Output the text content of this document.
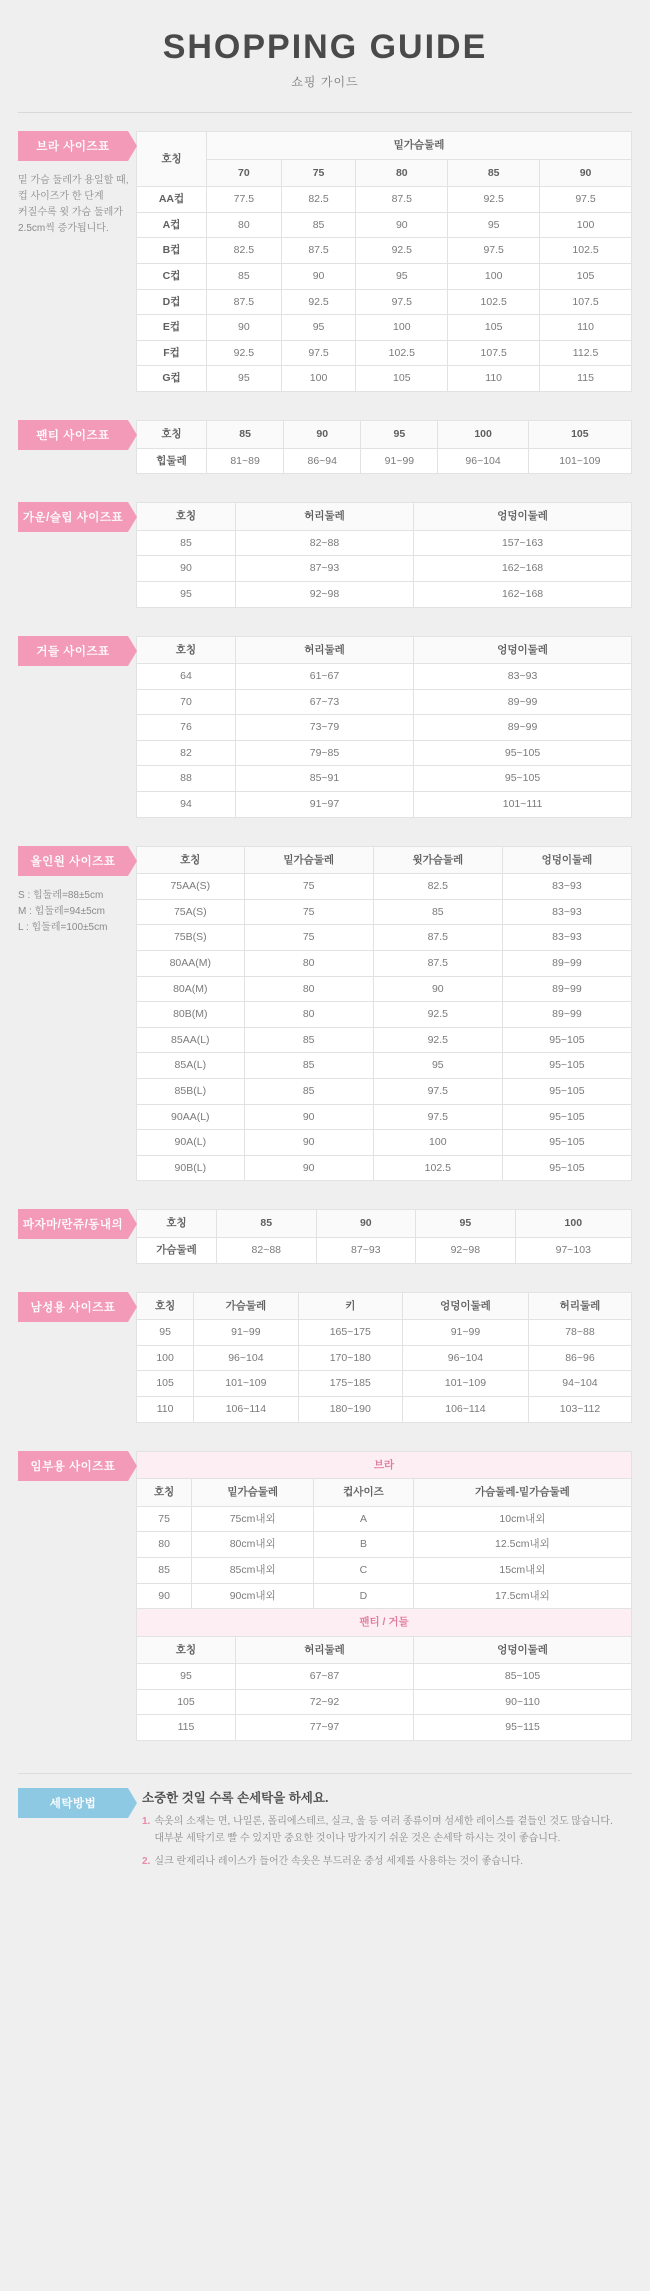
SHOPPING GUIDE
쇼핑 가이드
브라 사이즈표
밑 가슴 둘레가 용일할 때,
컵 사이즈가 한 단계
커질수록 윗 가슴 둘레가
2.5cm씩 증가됩니다.
호칭	밑가슴둘레				
	70	75	80	85	90
AA컵	77.5	82.5	87.5	92.5	97.5
A컵	80	85	90	95	100
B컵	82.5	87.5	92.5	97.5	102.5
C컵	85	90	95	100	105
D컵	87.5	92.5	97.5	102.5	107.5
E컵	90	95	100	105	110
F컵	92.5	97.5	102.5	107.5	112.5
G컵	95	100	105	110	115
팬티 사이즈표	호칭	85	90	95	100	105
힙둘레	81~89	86~94	91~99	96~104	101~109
가운/슬립 사이즈표	호칭	허리둘레	엉덩이둘레
85	82~88	157~163
90	87~93	162~168
95	92~98	162~168
거들 사이즈표	호칭	허리둘레	엉덩이둘레
64	61~67	83~93
70	67~73	89~99
76	73~79	89~99
82	79~85	95~105
88	85~91	95~105
94	91~97	101~111
올인원 사이즈표
S : 힙둘레=88±5cm
M : 힙둘레=94±5cm
L : 힙둘레=100±5cm
호칭	밑가슴둘레	윗가슴둘레	엉덩이둘레
75AA(S)	75	82.5	83~93
75A(S)	75	85	83~93
75B(S)	75	87.5	83~93
80AA(M)	80	87.5	89~99
80A(M)	80	90	89~99
80B(M)	80	92.5	89~99
85AA(L)	85	92.5	95~105
85A(L)	85	95	95~105
85B(L)	85	97.5	95~105
90AA(L)	90	97.5	95~105
90A(L)	90	100	95~105
90B(L)	90	102.5	95~105
파자마/란쥬/동내의	호칭	85	90	95	100
가슴둘레	82~88	87~93	92~98	97~103
남성용 사이즈표	호칭	가슴둘레	키	엉덩이둘레	허리둘레
95	91~99	165~175	91~99	78~88
100	96~104	170~180	96~104	86~96
105	101~109	175~185	101~109	94~104
110	106~114	180~190	106~114	103~112
임부용 사이즈표	브라			
호칭	밑가슴둘레	컵사이즈	가슴둘레-밑가슴둘레
75	75cm내외	A	10cm내외
80	80cm내외	B	12.5cm내외
85	85cm내외	C	15cm내외
90	90cm내외	D	17.5cm내외
팬티 / 거들		
호칭	허리둘레	엉덩이둘레
95	67~87	85~105
105	72~92	90~110
115	77~97	95~115
세탁방법	소중한 것일 수록 손세탁을 하세요.
1. 속옷의 소재는 면, 나일론, 폴리에스테르, 실크, 울 등 여러 종류이며 섬세한 레이스를 곁들인 것도 많습니다.
대부분 세탁기로 빨 수 있지만 중요한 것이나 망가지기 쉬운 것은 손세탁 하시는 것이 좋습니다.
2. 실크 란제리나 레이스가 들어간 속옷은 부드러운 중성 세제를 사용하는 것이 좋습니다.
